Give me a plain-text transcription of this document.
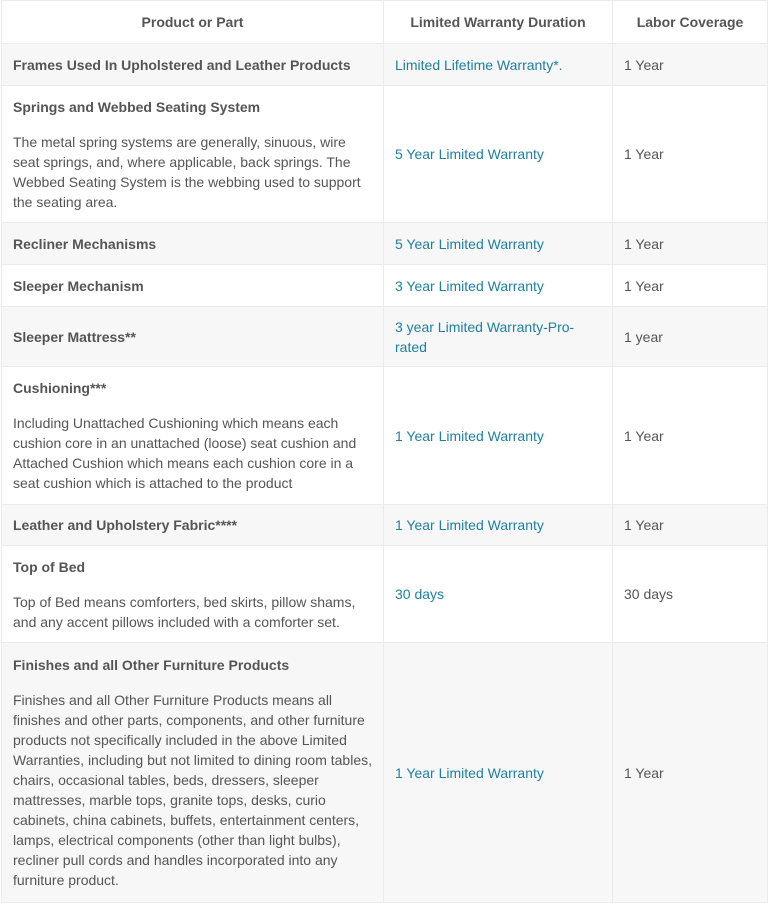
Product or Part	Limited Warranty Duration	Labor Coverage

Frames Used In Upholstered and Leather Products	Limited Lifetime Warranty*.	1 Year

Springs and Webbed Seating System
The metal spring systems are generally, sinuous, wire seat springs, and, where applicable, back springs. The Webbed Seating System is the webbing used to support the seating area.	5 Year Limited Warranty	1 Year

Recliner Mechanisms	5 Year Limited Warranty	1 Year

Sleeper Mechanism	3 Year Limited Warranty	1 Year

Sleeper Mattress**	3 year Limited Warranty-Pro-rated	1 year

Cushioning***
Including Unattached Cushioning which means each cushion core in an unattached (loose) seat cushion and Attached Cushion which means each cushion core in a seat cushion which is attached to the product	1 Year Limited Warranty	1 Year

Leather and Upholstery Fabric****	1 Year Limited Warranty	1 Year

Top of Bed
Top of Bed means comforters, bed skirts, pillow shams, and any accent pillows included with a comforter set.	30 days	30 days

Finishes and all Other Furniture Products
Finishes and all Other Furniture Products means all finishes and other parts, components, and other furniture products not specifically included in the above Limited Warranties, including but not limited to dining room tables, chairs, occasional tables, beds, dressers, sleeper mattresses, marble tops, granite tops, desks, curio cabinets, china cabinets, buffets, entertainment centers, lamps, electrical components (other than light bulbs), recliner pull cords and handles incorporated into any furniture product.	1 Year Limited Warranty	1 Year
